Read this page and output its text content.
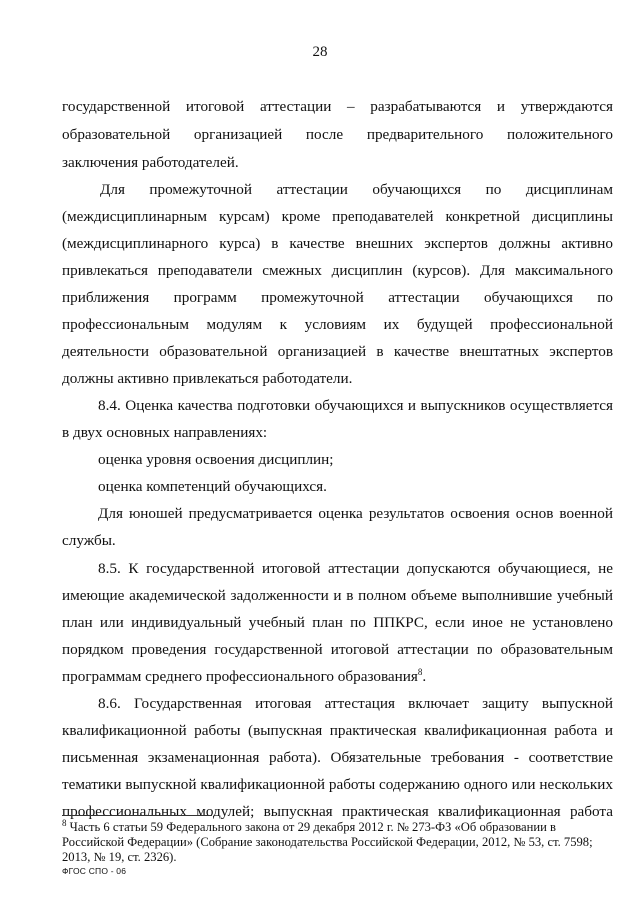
28
государственной итоговой аттестации – разрабатываются и утверждаются
образовательной организацией после предварительного положительного
заключения работодателей.
Для промежуточной аттестации обучающихся по дисциплинам
(междисциплинарным курсам) кроме преподавателей конкретной дисциплины
(междисциплинарного курса) в качестве внешних экспертов должны активно
привлекаться преподаватели смежных дисциплин (курсов). Для максимального
приближения программ промежуточной аттестации обучающихся по
профессиональным модулям к условиям их будущей профессиональной
деятельности образовательной организацией в качестве внештатных экспертов
должны активно привлекаться работодатели.
8.4. Оценка качества подготовки обучающихся и выпускников осуществляется
в двух основных направлениях:
оценка уровня освоения дисциплин;
оценка компетенций обучающихся.
Для юношей предусматривается оценка результатов освоения основ военной
службы.
8.5. К государственной итоговой аттестации допускаются обучающиеся, не
имеющие академической задолженности и в полном объеме выполнившие учебный
план или индивидуальный учебный план по ППКРС, если иное не установлено
порядком проведения государственной итоговой аттестации по образовательным
программам среднего профессионального образования$^8$.
8.6. Государственная итоговая аттестация включает защиту выпускной
квалификационной работы (выпускная практическая квалификационная работа и
письменная экзаменационная работа). Обязательные требования - соответствие
тематики выпускной квалификационной работы содержанию одного или нескольких
профессиональных модулей; выпускная практическая квалификационная работа
$^8$ Часть 6 статьи 59 Федерального закона от 29 декабря 2012 г. № 273-ФЗ «Об образовании в
Российской Федерации» (Собрание законодательства Российской Федерации, 2012, № 53, ст. 7598;
2013, № 19, ст. 2326).
ФГОС СПО - 06
